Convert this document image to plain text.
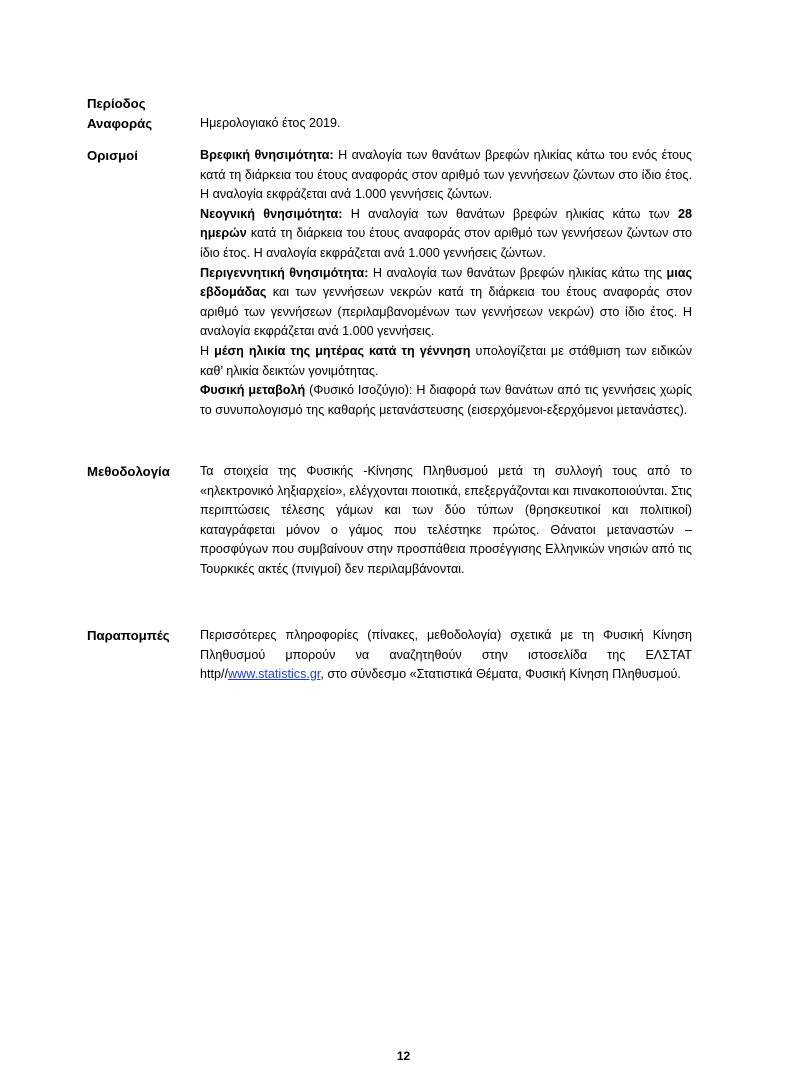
Περίοδος
Αναφοράς	Ημερολογιακό έτος 2019.
Ορισμοί	Βρεφική θνησιμότητα: Η αναλογία των θανάτων βρεφών ηλικίας κάτω του ενός έτους κατά τη διάρκεια του έτους αναφοράς στον αριθμό των γεννήσεων ζώντων στο ίδιο έτος. Η αναλογία εκφράζεται ανά 1.000 γεννήσεις ζώντων.

Νεογνική θνησιμότητα: Η αναλογία των θανάτων βρεφών ηλικίας κάτω των 28 ημερών κατά τη διάρκεια του έτους αναφοράς στον αριθμό των γεννήσεων ζώντων στο ίδιο έτος. Η αναλογία εκφράζεται ανά 1.000 γεννήσεις ζώντων.

Περιγεννητική θνησιμότητα: Η αναλογία των θανάτων βρεφών ηλικίας κάτω της μιας εβδομάδας και των γεννήσεων νεκρών κατά τη διάρκεια του έτους αναφοράς στον αριθμό των γεννήσεων (περιλαμβανομένων των γεννήσεων νεκρών) στο ίδιο έτος. Η αναλογία εκφράζεται ανά 1.000 γεννήσεις.

Η μέση ηλικία της μητέρας κατά τη γέννηση υπολογίζεται με στάθμιση των ειδικών καθ’ ηλικία δεικτών γονιμότητας.

Φυσική μεταβολή (Φυσικό Ισοζύγιο): Η διαφορά των θανάτων από τις γεννήσεις χωρίς το συνυπολογισμό της καθαρής μετανάστευσης (εισερχόμενοι-εξερχόμενοι μετανάστες).

Μεθοδολογία	Τα στοιχεία της Φυσικής -Κίνησης Πληθυσμού μετά τη συλλογή τους από το «ηλεκτρονικό ληξιαρχείο», ελέγχονται ποιοτικά, επεξεργάζονται και πινακοποιούνται. Στις περιπτώσεις τέλεσης γάμων και των δύο τύπων (θρησκευτικοί και πολιτικοί) καταγράφεται μόνον ο γάμος που τελέστηκε πρώτος. Θάνατοι μεταναστών – προσφύγων που συμβαίνουν στην προσπάθεια προσέγγισης Ελληνικών νησιών από τις Τουρκικές ακτές (πνιγμοί) δεν περιλαμβάνονται.

Παραπομπές	Περισσότερες πληροφορίες (πίνακες, μεθοδολογία) σχετικά με τη Φυσική Κίνηση Πληθυσμού μπορούν να αναζητηθούν στην ιστοσελίδα της ΕΛΣΤΑΤ http//www.statistics.gr, στο σύνδεσμο «Στατιστικά Θέματα, Φυσική Κίνηση Πληθυσμού.

12
